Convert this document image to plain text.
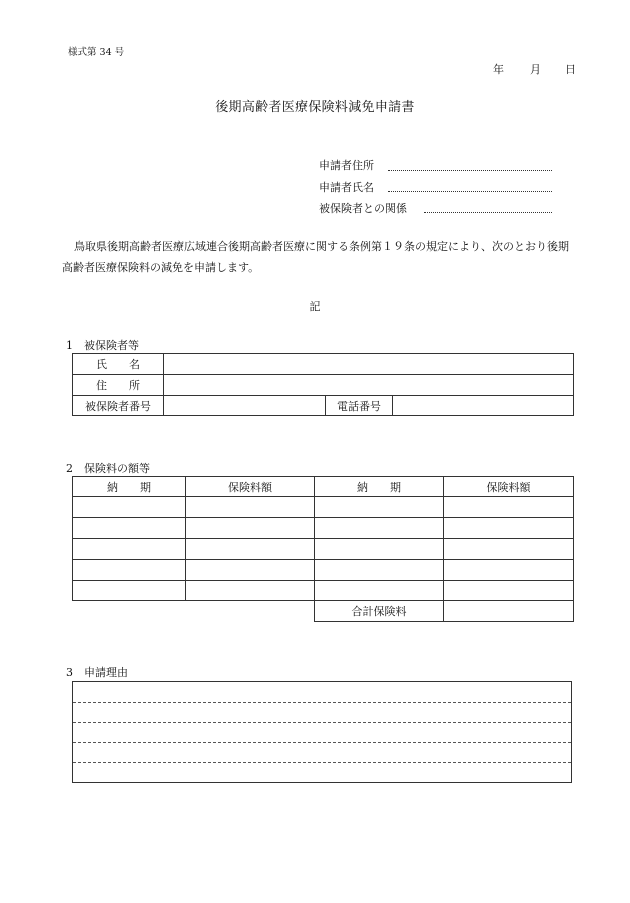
様式第 34 号
年 月 日
後期高齢者医療保険料減免申請書
申請者住所
申請者氏名
被保険者との関係
鳥取県後期高齢者医療広域連合後期高齢者医療に関する条例第１９条の規定により、次のとおり後期高齢者医療保険料の減免を申請します。
記
1　被保険者等
氏　　名			
住　　所			
被保険者番号		電話番号	
2　保険料の額等
納　　期	保険料額	納　　期	保険料額

		合計保険料	
3　申請理由
